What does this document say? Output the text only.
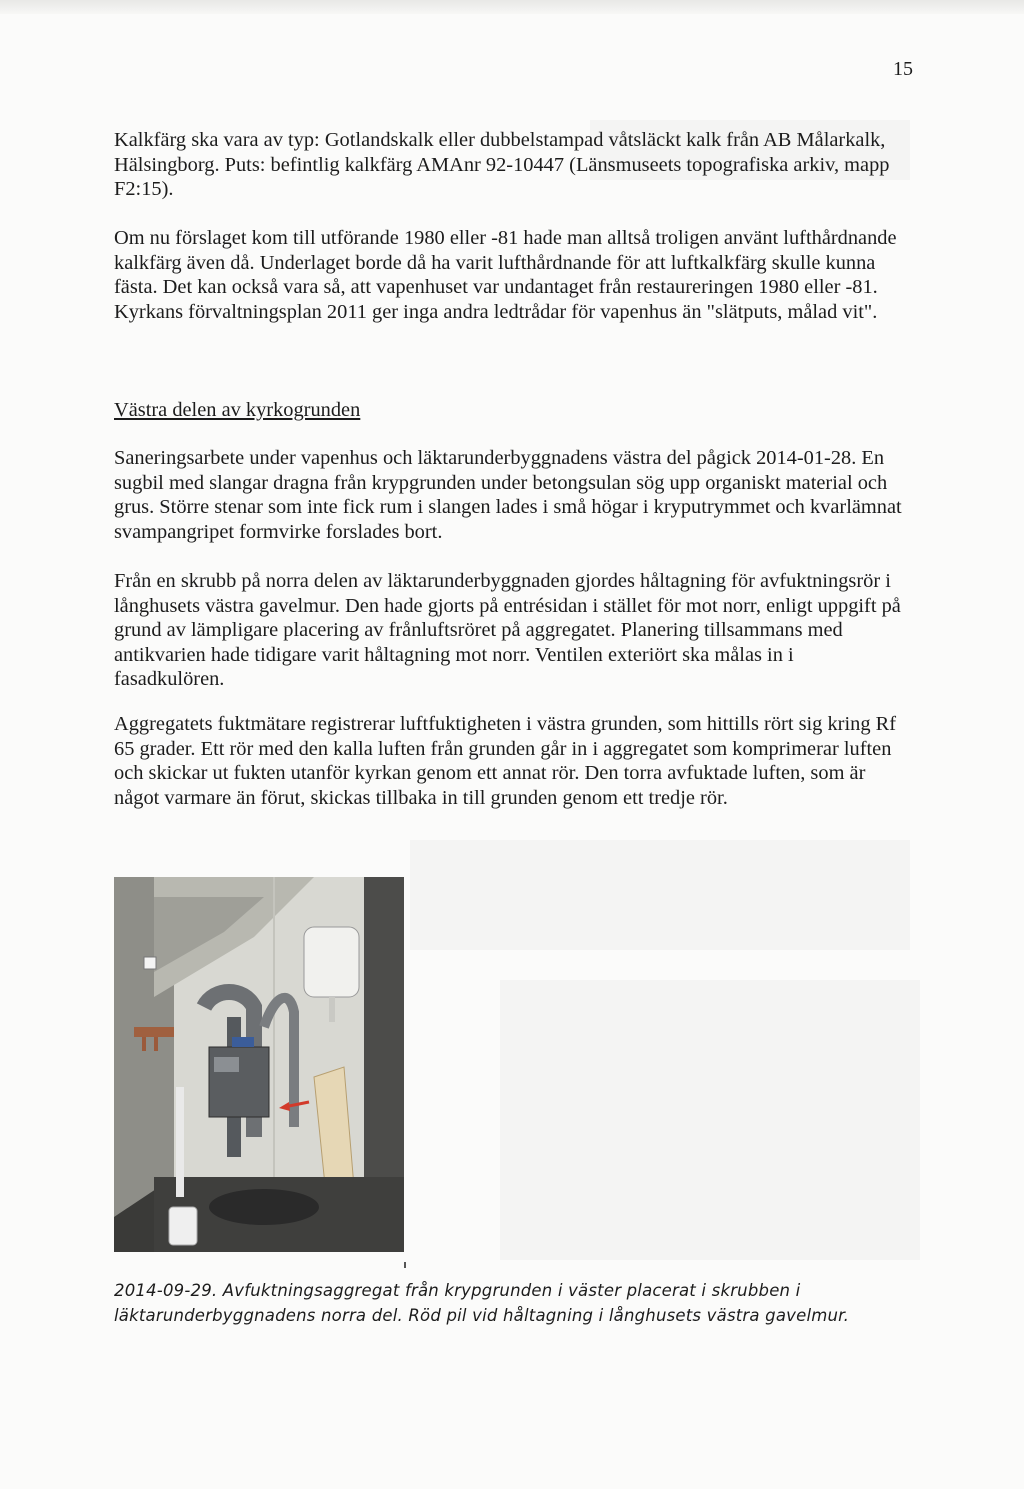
15

Kalkfärg ska vara av typ: Gotlandskalk eller dubbelstampad våtsläckt kalk från AB Målarkalk, Hälsingborg. Puts: befintlig kalkfärg AMAnr 92-10447 (Länsmuseets topografiska arkiv, mapp F2:15).

Om nu förslaget kom till utförande 1980 eller -81 hade man alltså troligen använt lufthårdnande kalkfärg även då. Underlaget borde då ha varit lufthårdnande för att luftkalkfärg skulle kunna fästa. Det kan också vara så, att vapenhuset var undantaget från restaureringen 1980 eller -81. Kyrkans förvaltningsplan 2011 ger inga andra ledtrådar för vapenhus än "slätputs, målad vit".

Västra delen av kyrkogrunden

Saneringsarbete under vapenhus och läktarunderbyggnadens västra del pågick 2014-01-28. En sugbil med slangar dragna från krypgrunden under betongsulan sög upp organiskt material och grus. Större stenar som inte fick rum i slangen lades i små högar i kryputrymmet och kvarlämnat svampangripet formvirke forslades bort.

Från en skrubb på norra delen av läktarunderbyggnaden gjordes håltagning för avfuktningsrör i långhusets västra gavelmur. Den hade gjorts på entrésidan i stället för mot norr, enligt uppgift på grund av lämpligare placering av frånluftsröret på aggregatet. Planering tillsammans med antikvarien hade tidigare varit håltagning mot norr. Ventilen exteriört ska målas in i fasadkulören.

Aggregatets fuktmätare registrerar luftfuktigheten i västra grunden, som hittills rört sig kring Rf 65 grader. Ett rör med den kalla luften från grunden går in i aggregatet som komprimerar luften och skickar ut fukten utanför kyrkan genom ett annat rör. Den torra avfuktade luften, som är något varmare än förut, skickas tillbaka in till grunden genom ett tredje rör.

2014-09-29. Avfuktningsaggregat från krypgrunden i väster placerat i skrubben i läktarunderbyggnadens norra del. Röd pil vid håltagning i långhusets västra gavelmur.
